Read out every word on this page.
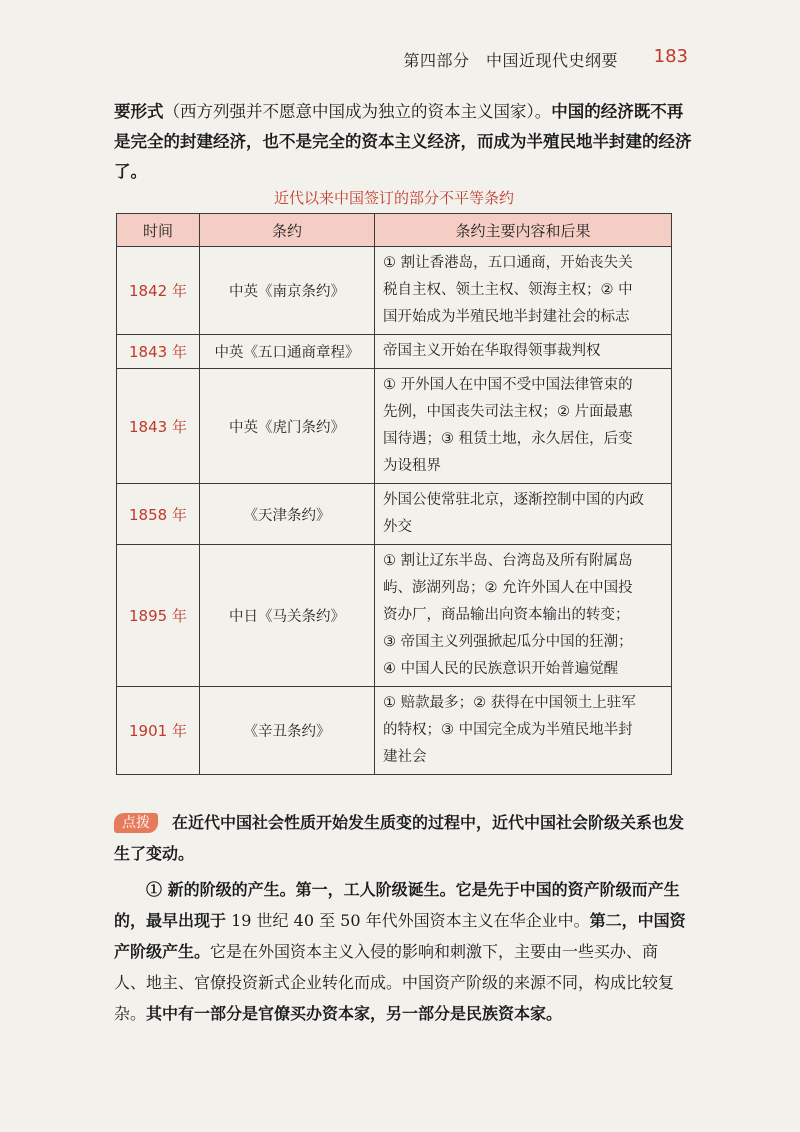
第四部分　中国近现代史纲要 183

要形式（西方列强并不愿意中国成为独立的资本主义国家）。中国的经济既不再是完全的封建经济，也不是完全的资本主义经济，而成为半殖民地半封建的经济了。

近代以来中国签订的部分不平等条约
时间	条约	条约主要内容和后果
1842 年	中英《南京条约》	① 割让香港岛，五口通商，开始丧失关
税自主权、领土主权、领海主权；② 中
国开始成为半殖民地半封建社会的标志

1843 年	中英《五口通商章程》	帝国主义开始在华取得领事裁判权

1843 年	中英《虎门条约》	① 开外国人在中国不受中国法律管束的
先例，中国丧失司法主权；② 片面最惠
国待遇；③ 租赁土地，永久居住，后变
为设租界

1858 年	《天津条约》	外国公使常驻北京，逐渐控制中国的内政
外交

1895 年	中日《马关条约》	① 割让辽东半岛、台湾岛及所有附属岛
屿、澎湖列岛；② 允许外国人在中国投
资办厂，商品输出向资本输出的转变；
③ 帝国主义列强掀起瓜分中国的狂潮；
④ 中国人民的民族意识开始普遍觉醒

1901 年	《辛丑条约》	① 赔款最多；② 获得在中国领土上驻军
的特权；③ 中国完全成为半殖民地半封
建社会

点拨 在近代中国社会性质开始发生质变的过程中，近代中国社会阶级关系也发生了变动。

① 新的阶级的产生。第一，工人阶级诞生。它是先于中国的资产阶级而产生的，最早出现于 19 世纪 40 至 50 年代外国资本主义在华企业中。第二，中国资产阶级产生。它是在外国资本主义入侵的影响和刺激下，主要由一些买办、商人、地主、官僚投资新式企业转化而成。中国资产阶级的来源不同，构成比较复杂。其中有一部分是官僚买办资本家，另一部分是民族资本家。
